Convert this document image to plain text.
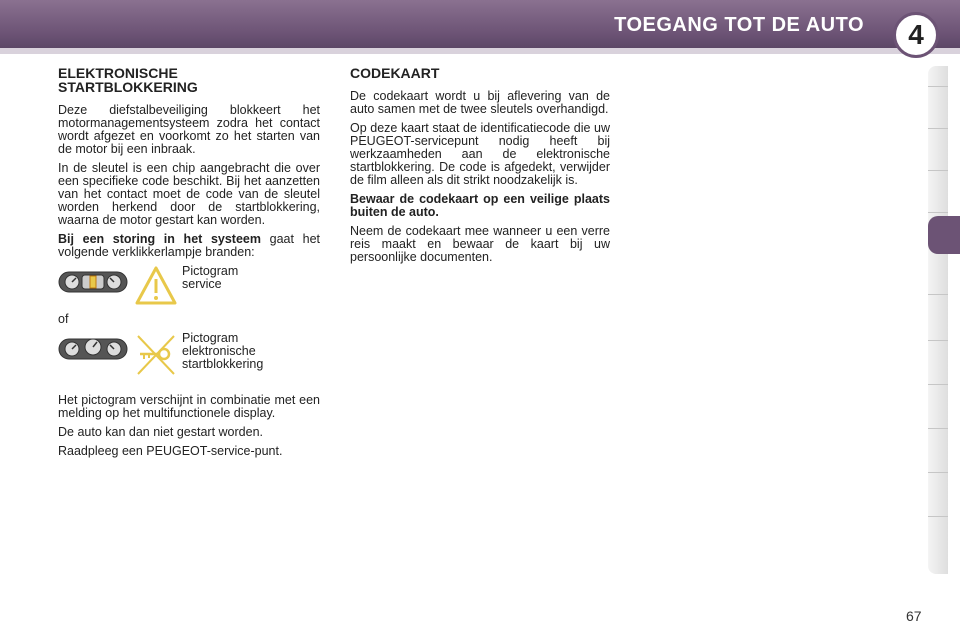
TOEGANG TOT DE AUTO	4
ELEKTRONISCHE
STARTBLOKKERING

Deze diefstalbeveiliging blokkeert het motormanagementsysteem zodra het contact wordt afgezet en voorkomt zo het starten van de motor bij een inbraak.

In de sleutel is een chip aangebracht die over een specifieke code beschikt. Bij het aanzetten van het contact moet de code van de sleutel worden herkend door de startblokkering, waarna de motor gestart kan worden.

Bij een storing in het systeem gaat het volgende verklikkerlampje branden:

Pictogram
service

of

Pictogram
elektronische
startblokkering

Het pictogram verschijnt in combinatie met een melding op het multifunctionele display.

De auto kan dan niet gestart worden.

Raadpleeg een PEUGEOT-service-punt.

CODEKAART

De codekaart wordt u bij aflevering van de auto samen met de twee sleutels overhandigd.

Op deze kaart staat de identificatiecode die uw PEUGEOT-servicepunt nodig heeft bij werkzaamheden aan de elektronische startblokkering. De code is afgedekt, verwijder de film alleen als dit strikt noodzakelijk is.

Bewaar de codekaart op een veilige plaats buiten de auto.

Neem de codekaart mee wanneer u een verre reis maakt en bewaar de kaart bij uw persoonlijke documenten.

67
